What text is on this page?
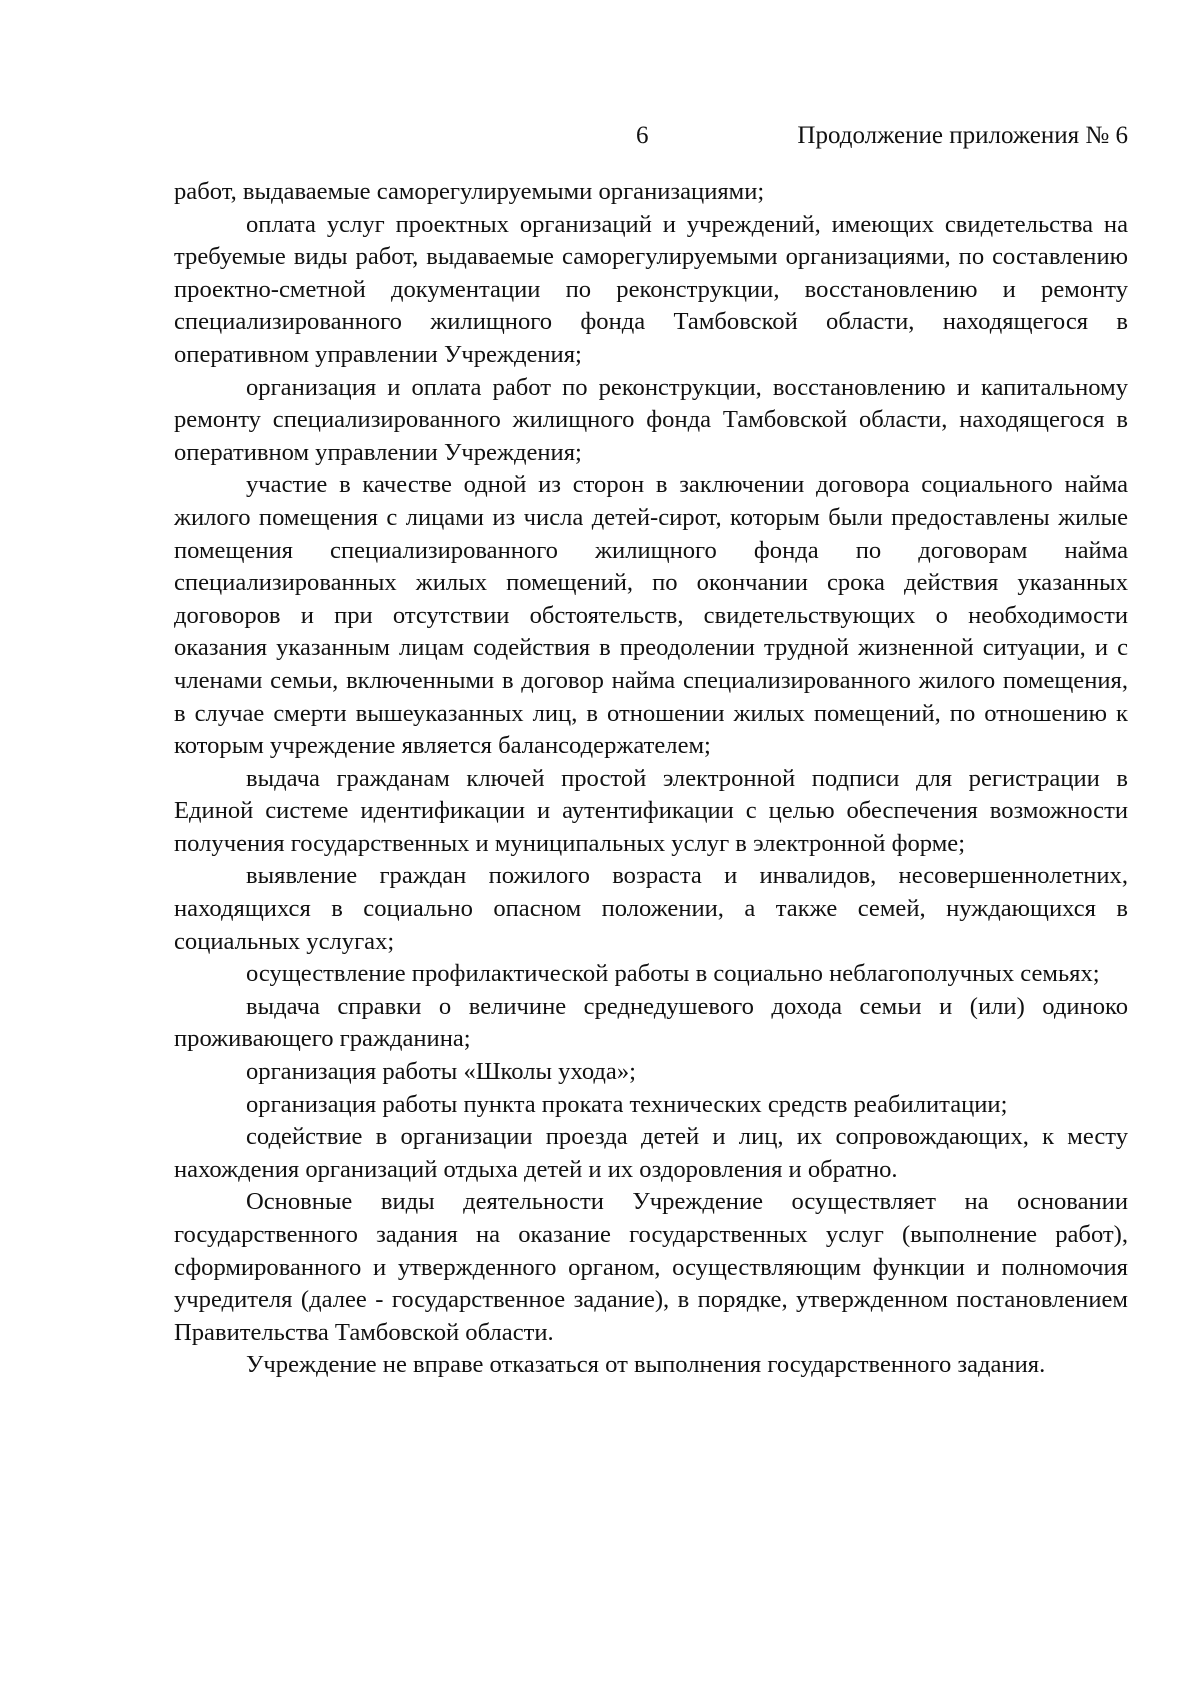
6	Продолжение приложения № 6

работ, выдаваемые саморегулируемыми организациями;

оплата услуг проектных организаций и учреждений, имеющих свидетельства на требуемые виды работ, выдаваемые саморегулируемыми организациями, по составлению проектно-сметной документации по реконструкции, восстановлению и ремонту специализированного жилищного фонда Тамбовской области, находящегося в оперативном управлении Учреждения;

организация и оплата работ по реконструкции, восстановлению и капитальному ремонту специализированного жилищного фонда Тамбовской области, находящегося в оперативном управлении Учреждения;

участие в качестве одной из сторон в заключении договора социального найма жилого помещения с лицами из числа детей-сирот, которым были предоставлены жилые помещения специализированного жилищного фонда по договорам найма специализированных жилых помещений, по окончании срока действия указанных договоров и при отсутствии обстоятельств, свидетельствующих о необходимости оказания указанным лицам содействия в преодолении трудной жизненной ситуации, и с членами семьи, включенными в договор найма специализированного жилого помещения, в случае смерти вышеуказанных лиц, в отношении жилых помещений, по отношению к которым учреждение является балансодержателем;

выдача гражданам ключей простой электронной подписи для регистрации в Единой системе идентификации и аутентификации с целью обеспечения возможности получения государственных и муниципальных услуг в электронной форме;

выявление граждан пожилого возраста и инвалидов, несовершеннолетних, находящихся в социально опасном положении, а также семей, нуждающихся в социальных услугах;

осуществление профилактической работы в социально неблагополучных семьях;

выдача справки о величине среднедушевого дохода семьи и (или) одиноко проживающего гражданина;

организация работы «Школы ухода»;

организация работы пункта проката технических средств реабилитации;

содействие в организации проезда детей и лиц, их сопровождающих, к месту нахождения организаций отдыха детей и их оздоровления и обратно.

Основные виды деятельности Учреждение осуществляет на основании государственного задания на оказание государственных услуг (выполнение работ), сформированного и утвержденного органом, осуществляющим функции и полномочия учредителя (далее - государственное задание), в порядке, утвержденном постановлением Правительства Тамбовской области.

Учреждение не вправе отказаться от выполнения государственного задания.
